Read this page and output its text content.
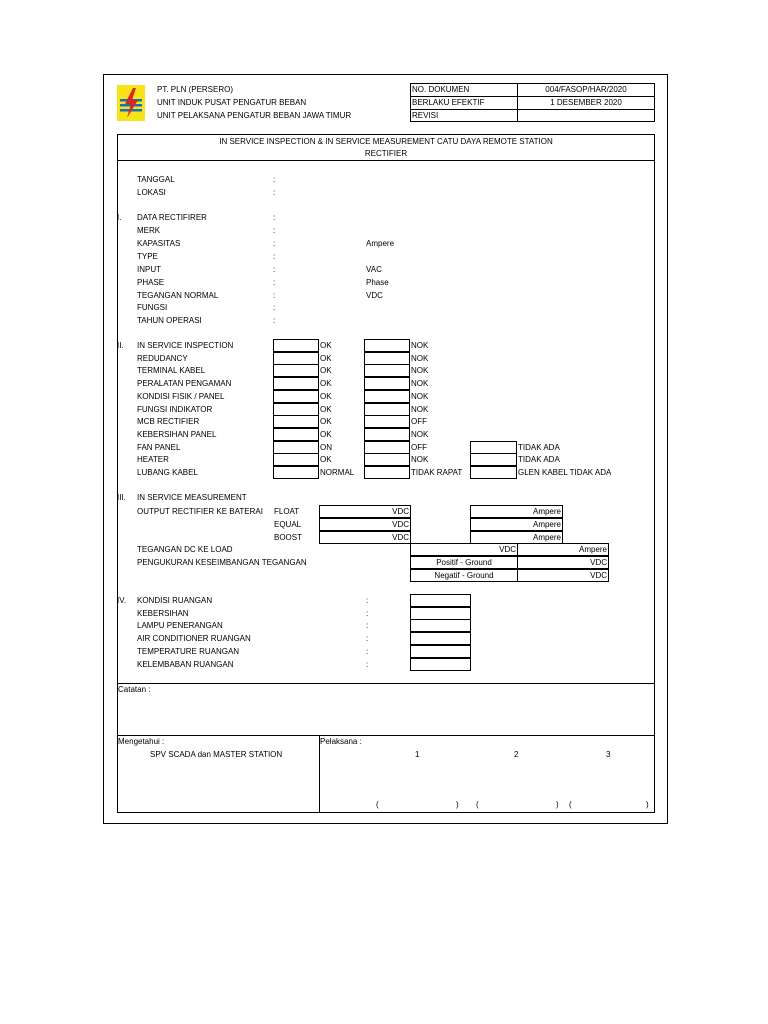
PT. PLN (PERSERO)
UNIT INDUK PUSAT PENGATUR BEBAN
UNIT PELAKSANA PENGATUR BEBAN JAWA TIMUR
NO. DOKUMEN	004/FASOP/HAR/2020
BERLAKU EFEKTIF	1 DESEMBER 2020
REVISI
IN SERVICE INSPECTION & IN SERVICE MEASUREMENT CATU DAYA REMOTE STATION
RECTIFIER
TANGGAL	:
LOKASI	:
I. DATA RECTIFIRER	:
MERK	:
KAPASITAS	:	Ampere
TYPE	:
INPUT	:	VAC
PHASE	:	Phase
TEGANGAN NORMAL	:	VDC
FUNGSI	:
TAHUN OPERASI	:
II. IN SERVICE INSPECTION	OK	NOK
REDUDANCY	OK	NOK
TERMINAL KABEL	OK	NOK
PERALATAN PENGAMAN	OK	NOK
KONDISI FISIK / PANEL	OK	NOK
FUNGSI INDIKATOR	OK	NOK
MCB RECTIFIER	OK	OFF
KEBERSIHAN PANEL	OK	NOK
FAN PANEL	ON	OFF	TIDAK ADA
HEATER	OK	NOK	TIDAK ADA
LUBANG KABEL	NORMAL	TIDAK RAPAT	GLEN KABEL TIDAK ADA
III. IN SERVICE MEASUREMENT
OUTPUT RECTIFIER KE BATERAI FLOAT	VDC	Ampere
EQUAL	VDC	Ampere
BOOST	VDC	Ampere
TEGANGAN DC KE LOAD	VDC	Ampere
PENGUKURAN KESEIMBANGAN TEGANGAN	Positif - Ground	VDC
Negatif - Ground	VDC
IV. KONDISI RUANGAN	:
KEBERSIHAN	:
LAMPU PENERANGAN	:
AIR CONDITIONER RUANGAN	:
TEMPERATURE RUANGAN	:
KELEMBABAN RUANGAN	:
Catatan :
Mengetahui :
SPV SCADA dan MASTER STATION
Pelaksana :
1	2	3
(	) (	) (	)
